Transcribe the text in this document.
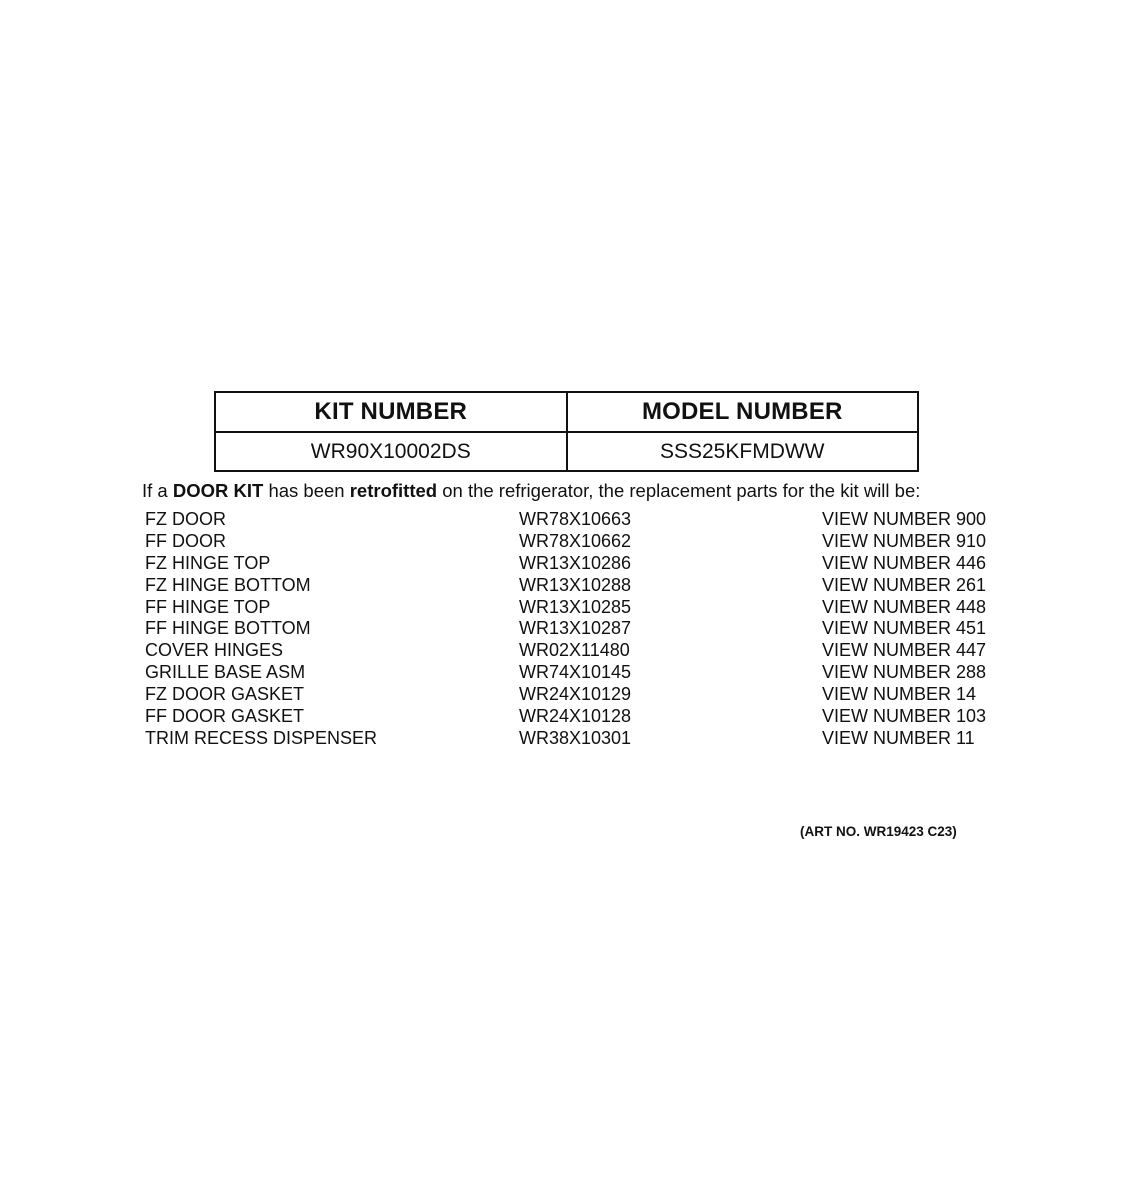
KIT NUMBER	MODEL NUMBER
WR90X10002DS	SSS25KFMDWW
If a DOOR KIT has been retrofitted on the refrigerator, the replacement parts for the kit will be:
FZ DOOR	WR78X10663	VIEW NUMBER 900
FF DOOR	WR78X10662	VIEW NUMBER 910
FZ HINGE TOP	WR13X10286	VIEW NUMBER 446
FZ HINGE BOTTOM	WR13X10288	VIEW NUMBER 261
FF HINGE TOP	WR13X10285	VIEW NUMBER 448
FF HINGE BOTTOM	WR13X10287	VIEW NUMBER 451
COVER HINGES	WR02X11480	VIEW NUMBER 447
GRILLE BASE ASM	WR74X10145	VIEW NUMBER 288
FZ DOOR GASKET	WR24X10129	VIEW NUMBER 14
FF DOOR GASKET	WR24X10128	VIEW NUMBER 103
TRIM RECESS DISPENSER	WR38X10301	VIEW NUMBER 11
(ART NO. WR19423 C23)
